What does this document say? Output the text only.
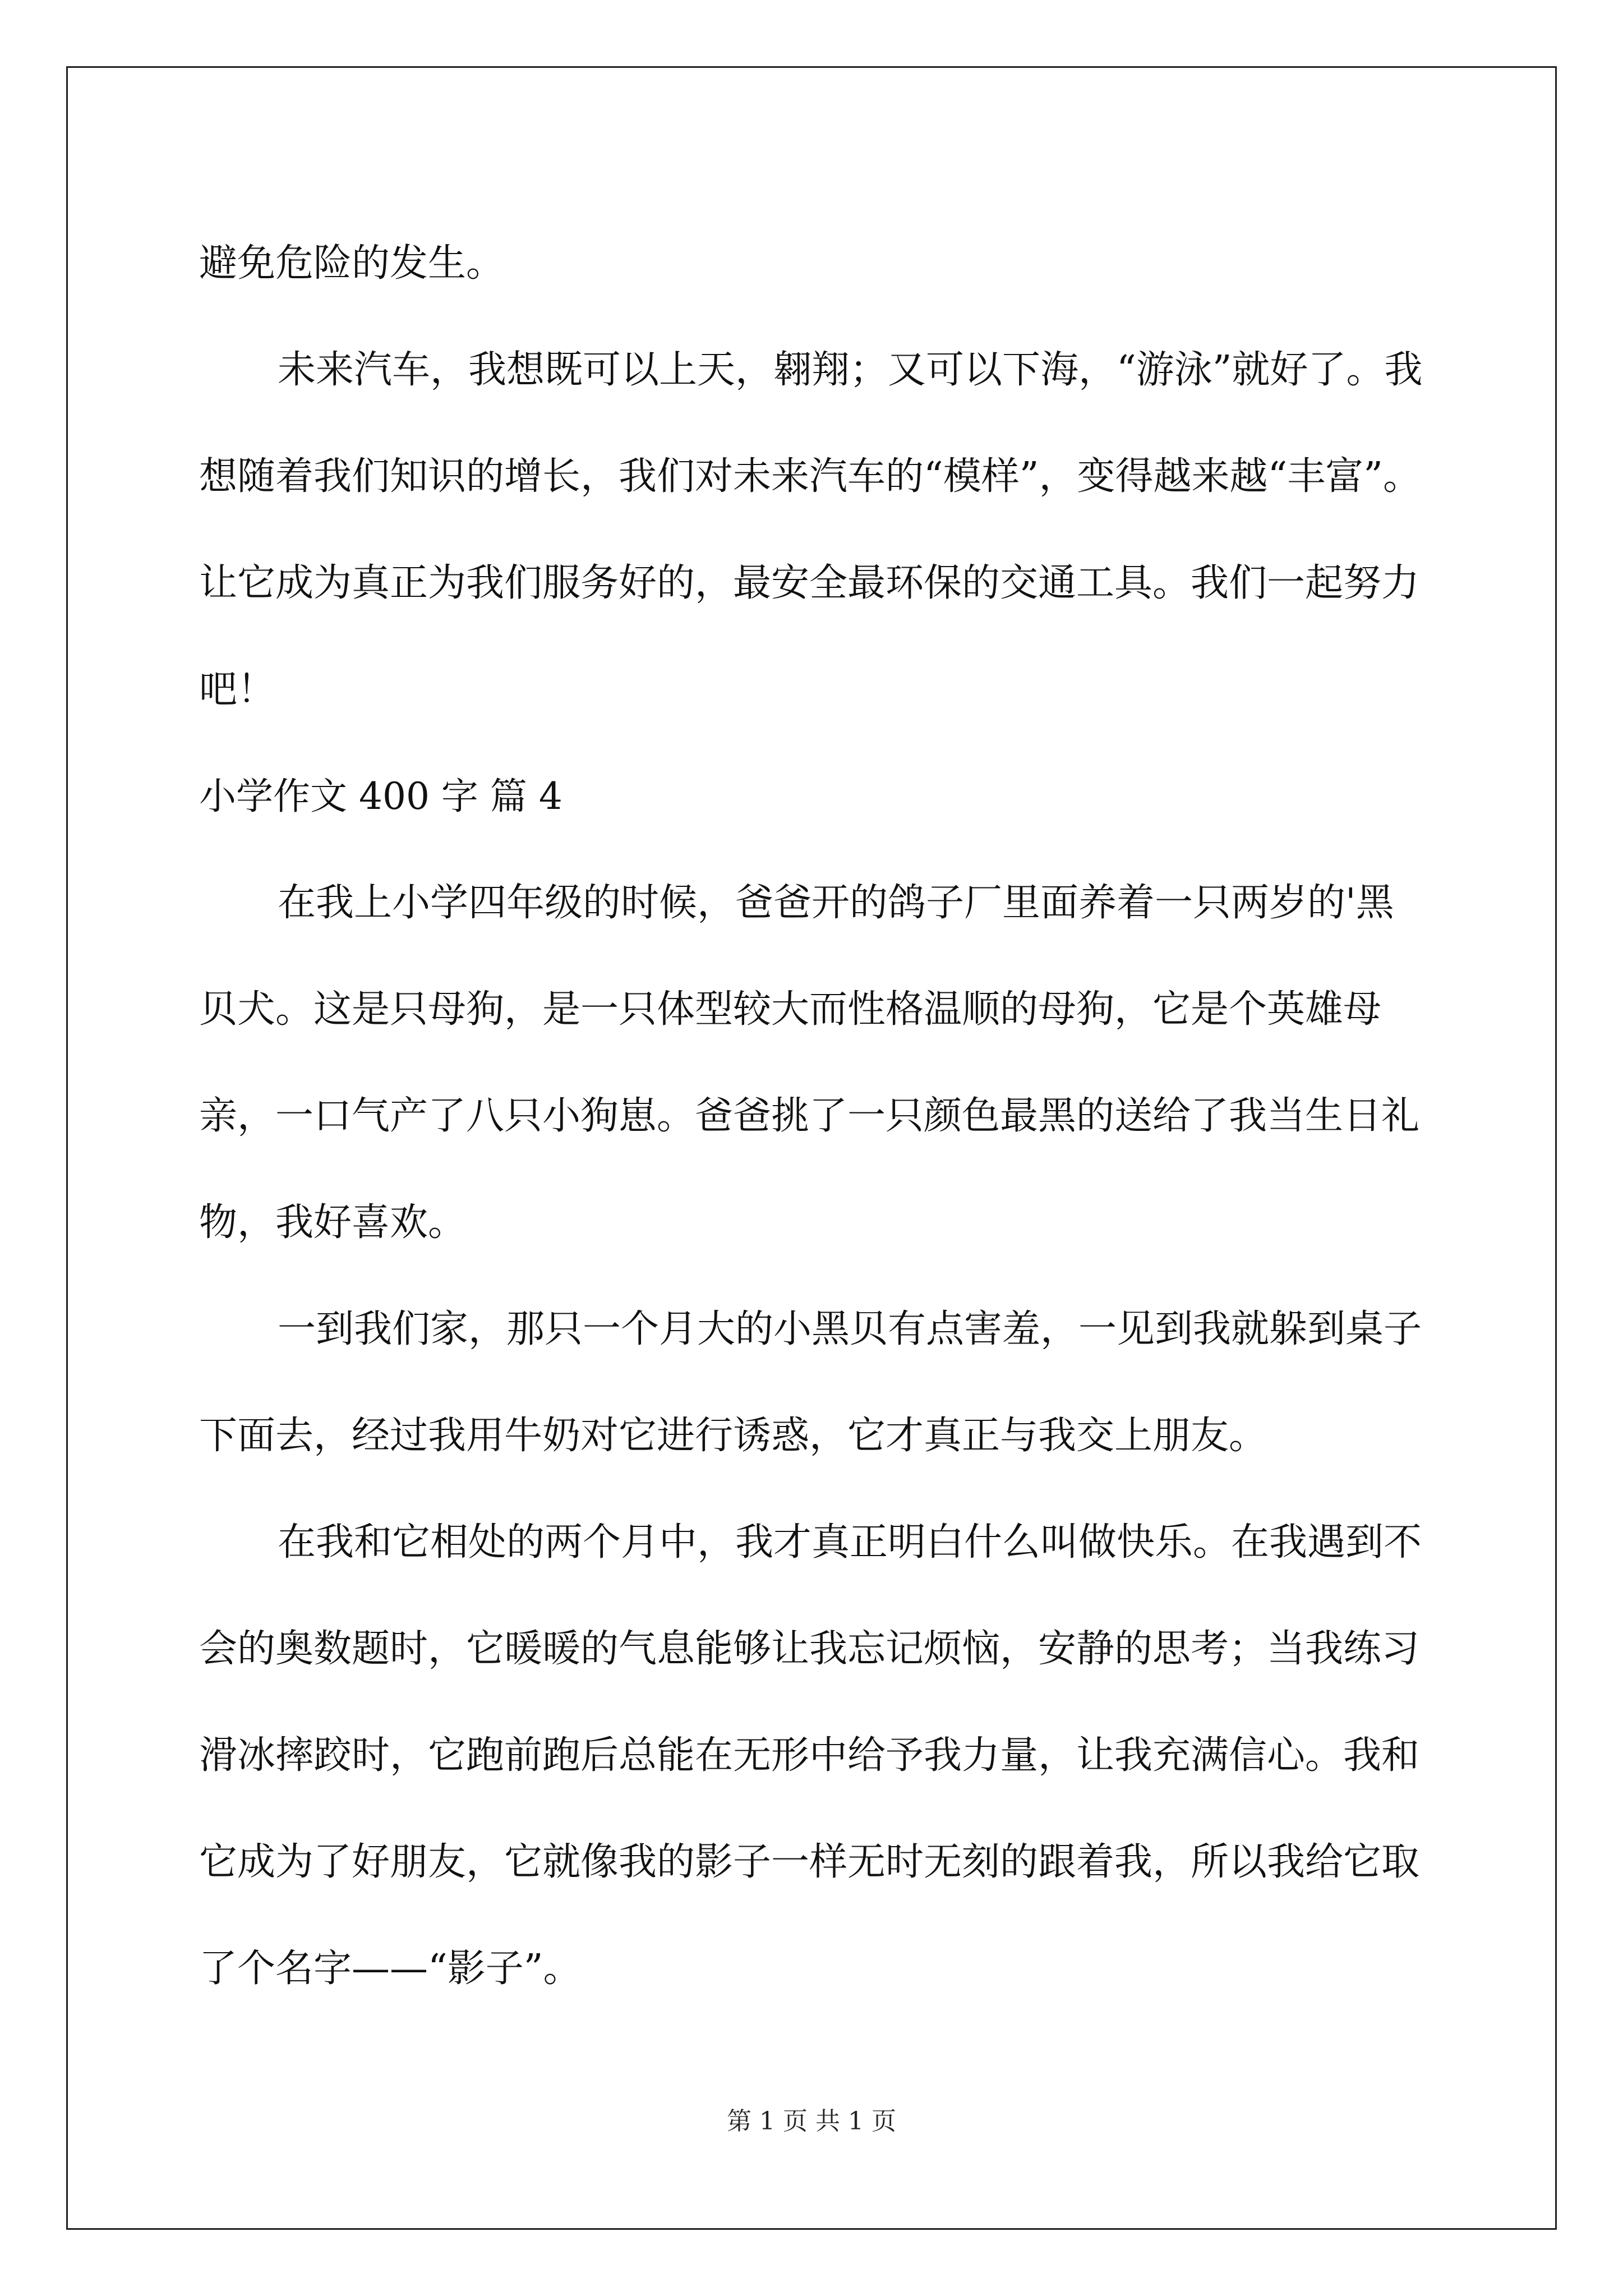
避免危险的发生。

未来汽车，我想既可以上天，翱翔；又可以下海，“游泳”就好了。我想随着我们知识的增长，我们对未来汽车的“模样”，变得越来越“丰富”。让它成为真正为我们服务好的，最安全最环保的交通工具。我们一起努力吧！

小学作文 400 字 篇 4

在我上小学四年级的时候，爸爸开的鸽子厂里面养着一只两岁的'黑贝犬。这是只母狗，是一只体型较大而性格温顺的母狗，它是个英雄母亲，一口气产了八只小狗崽。爸爸挑了一只颜色最黑的送给了我当生日礼物，我好喜欢。

一到我们家，那只一个月大的小黑贝有点害羞，一见到我就躲到桌子下面去，经过我用牛奶对它进行诱惑，它才真正与我交上朋友。

在我和它相处的两个月中，我才真正明白什么叫做快乐。在我遇到不会的奥数题时，它暖暖的气息能够让我忘记烦恼，安静的思考；当我练习滑冰摔跤时，它跑前跑后总能在无形中给予我力量，让我充满信心。我和它成为了好朋友，它就像我的影子一样无时无刻的跟着我，所以我给它取了个名字——“影子”。

第 1 页 共 1 页
